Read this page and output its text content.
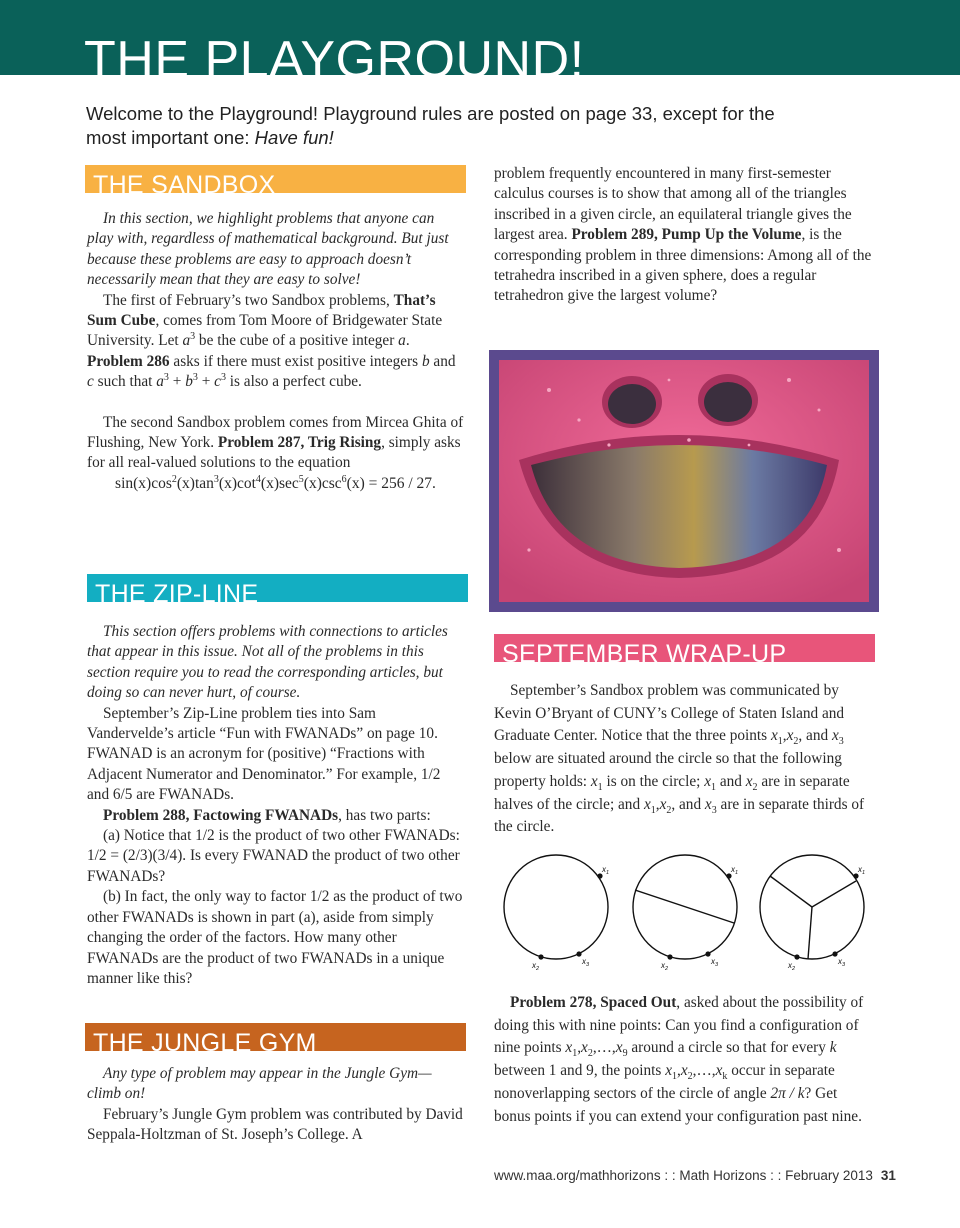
THE PLAYGROUND!
Welcome to the Playground! Playground rules are posted on page 33, except for the most important one: Have fun!
THE SANDBOX

In this section, we highlight problems that anyone can play with, regardless of mathematical background. But just because these problems are easy to approach doesn’t necessarily mean that they are easy to solve!

The first of February’s two Sandbox problems, That’s Sum Cube, comes from Tom Moore of Bridgewater State University. Let $a^3$ be the cube of a positive integer a. Problem 286 asks if there must exist positive integers b and c such that $a^3 + b^3 + c^3$ is also a perfect cube.

The second Sandbox problem comes from Mircea Ghita of Flushing, New York. Problem 287, Trig Rising, simply asks for all real-valued solutions to the equation

$\sin(x)\cos^2(x)\tan^3(x)\cot^4(x)\sec^5(x)\csc^6(x) = 256 / 27$.

THE ZIP-LINE

This section offers problems with connections to articles that appear in this issue. Not all of the problems in this section require you to read the corresponding articles, but doing so can never hurt, of course.

September’s Zip-Line problem ties into Sam Vandervelde’s article “Fun with FWANADs” on page 10. FWANAD is an acronym for (positive) “Fractions with Adjacent Numerator and Denominator.” For example, 1/2 and 6/5 are FWANADs.

Problem 288, Factowing FWANADs, has two parts:

(a) Notice that 1/2 is the product of two other FWANADs: 1/2 = (2/3)(3/4). Is every FWANAD the product of two other FWANADs?

(b) In fact, the only way to factor 1/2 as the product of two other FWANADs is shown in part (a), aside from simply changing the order of the factors. How many other FWANADs are the product of two FWANADs in a unique manner like this?

THE JUNGLE GYM

Any type of problem may appear in the Jungle Gym—climb on!

February’s Jungle Gym problem was contributed by David Seppala-Holtzman of St. Joseph’s College. A

problem frequently encountered in many first-semester calculus courses is to show that among all of the triangles inscribed in a given circle, an equilateral triangle gives the largest area. Problem 289, Pump Up the Volume, is the corresponding problem in three dimensions: Among all of the tetrahedra inscribed in a given sphere, does a regular tetrahedron give the largest volume?

SEPTEMBER WRAP-UP

September’s Sandbox problem was communicated by Kevin O’Bryant of CUNY’s College of Staten Island and Graduate Center. Notice that the three points $x_1,x_2$, and $x_3$ below are situated around the circle so that the following property holds: $x_1$ is on the circle; $x_1$ and $x_2$ are in separate halves of the circle; and $x_1,x_2$, and $x_3$ are in separate thirds of the circle.

$x_1$
$x_2$
$x_3$
$x_1$
$x_2$
$x_3$
$x_1$
$x_2$
$x_3$

Problem 278, Spaced Out, asked about the possibility of doing this with nine points: Can you find a configuration of nine points $x_1,x_2,\dots,x_9$ around a circle so that for every k between 1 and 9, the points $x_1,x_2,\dots,x_k$ occur in separate nonoverlapping sectors of the circle of angle 2π / k? Get bonus points if you can extend your configuration past nine.

www.maa.org/mathhorizons : : Math Horizons : : February 2013 31
